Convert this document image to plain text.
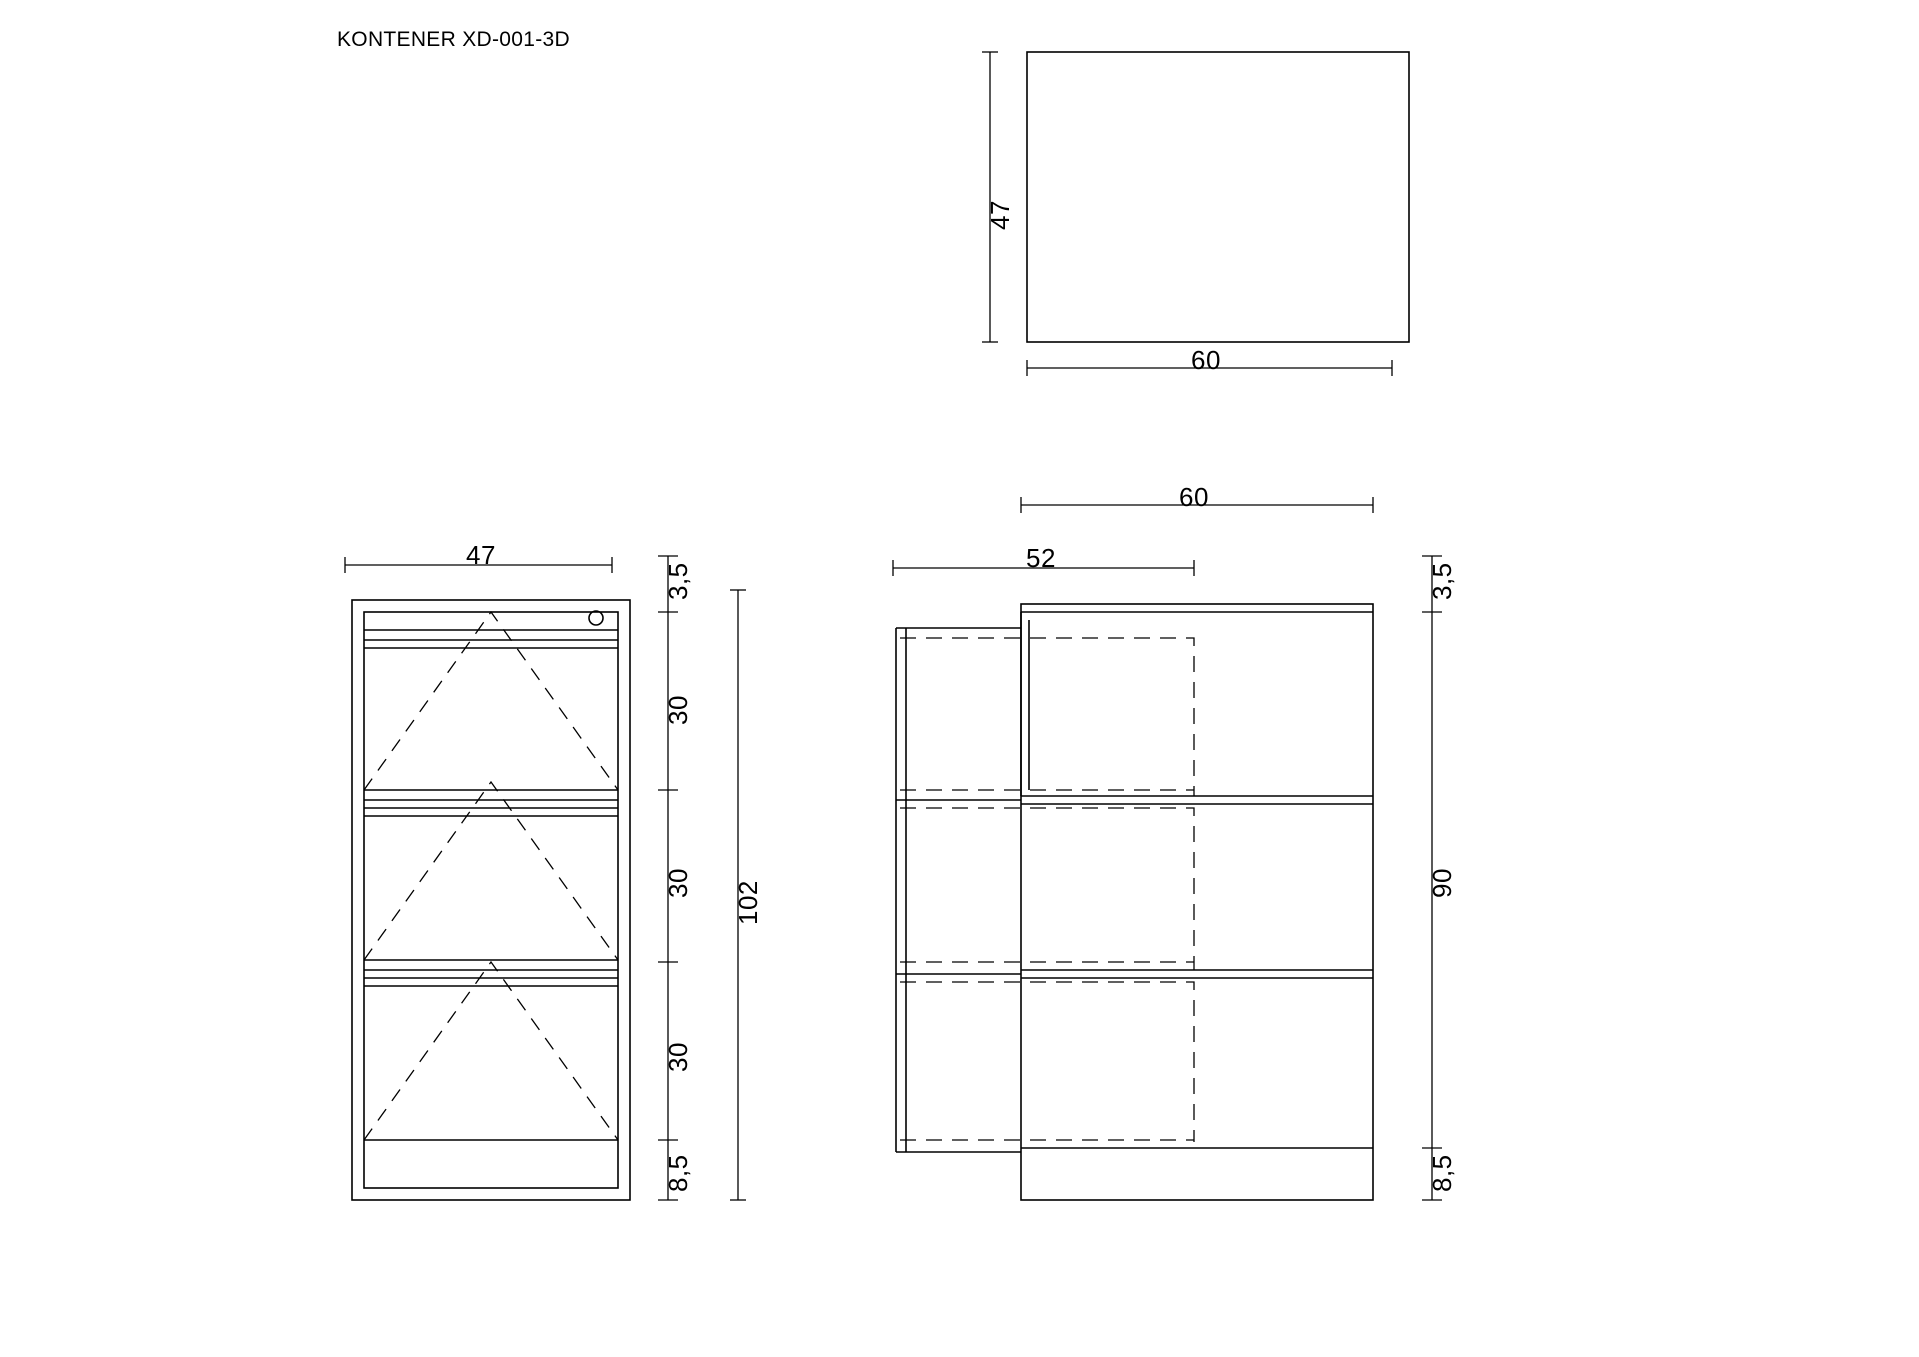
KONTENER XD-001-3D
47
60
47
3,5
30
30
30
8,5
102
60
52
3,5
90
8,5
